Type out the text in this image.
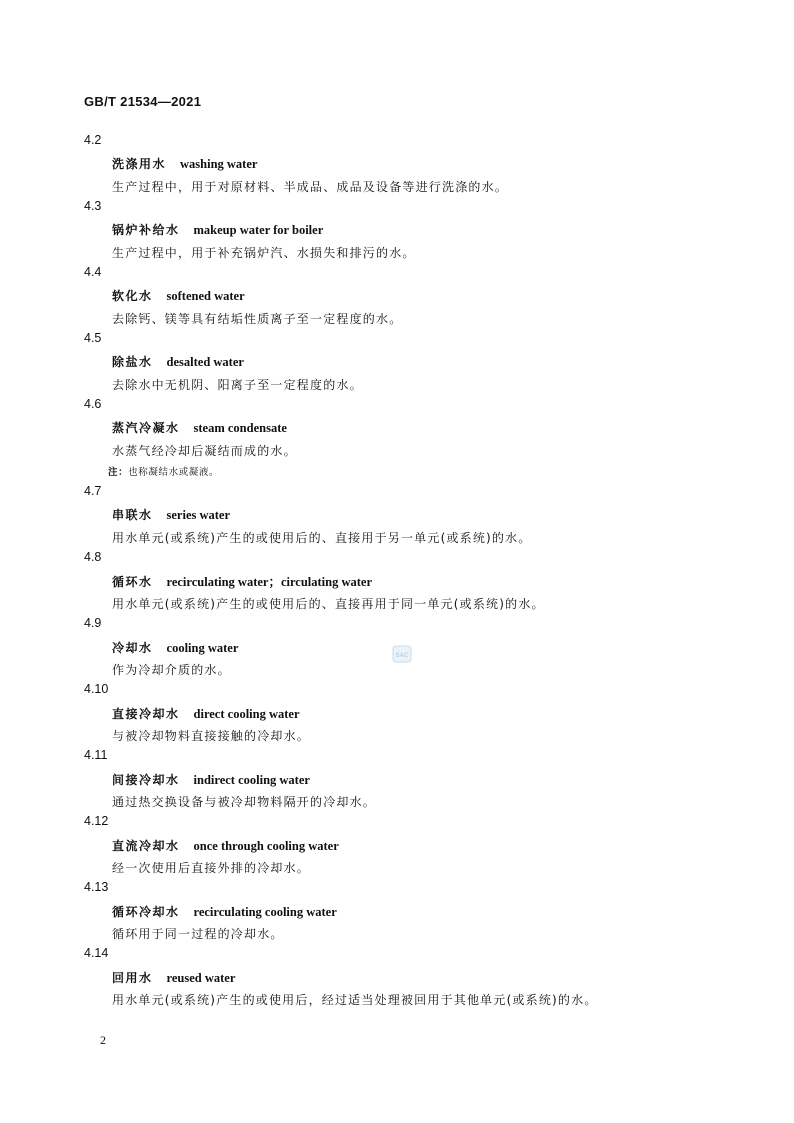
GB/T 21534—2021
4.2
洗涤用水 washing water
生产过程中，用于对原材料、半成品、成品及设备等进行洗涤的水。
4.3
锅炉补给水 makeup water for boiler
生产过程中，用于补充锅炉汽、水损失和排污的水。
4.4
软化水 softened water
去除钙、镁等具有结垢性质离子至一定程度的水。
4.5
除盐水 desalted water
去除水中无机阴、阳离子至一定程度的水。
4.6
蒸汽冷凝水 steam condensate
水蒸气经冷却后凝结而成的水。
注：也称凝结水或凝液。
4.7
串联水 series water
用水单元(或系统)产生的或使用后的、直接用于另一单元(或系统)的水。
4.8
循环水 recirculating water；circulating water
用水单元(或系统)产生的或使用后的、直接再用于同一单元(或系统)的水。
4.9
冷却水 cooling water
作为冷却介质的水。
4.10
直接冷却水 direct cooling water
与被冷却物料直接接触的冷却水。
4.11
间接冷却水 indirect cooling water
通过热交换设备与被冷却物料隔开的冷却水。
4.12
直流冷却水 once through cooling water
经一次使用后直接外排的冷却水。
4.13
循环冷却水 recirculating cooling water
循环用于同一过程的冷却水。
4.14
回用水 reused water
用水单元(或系统)产生的或使用后，经过适当处理被回用于其他单元(或系统)的水。
SAC
2
